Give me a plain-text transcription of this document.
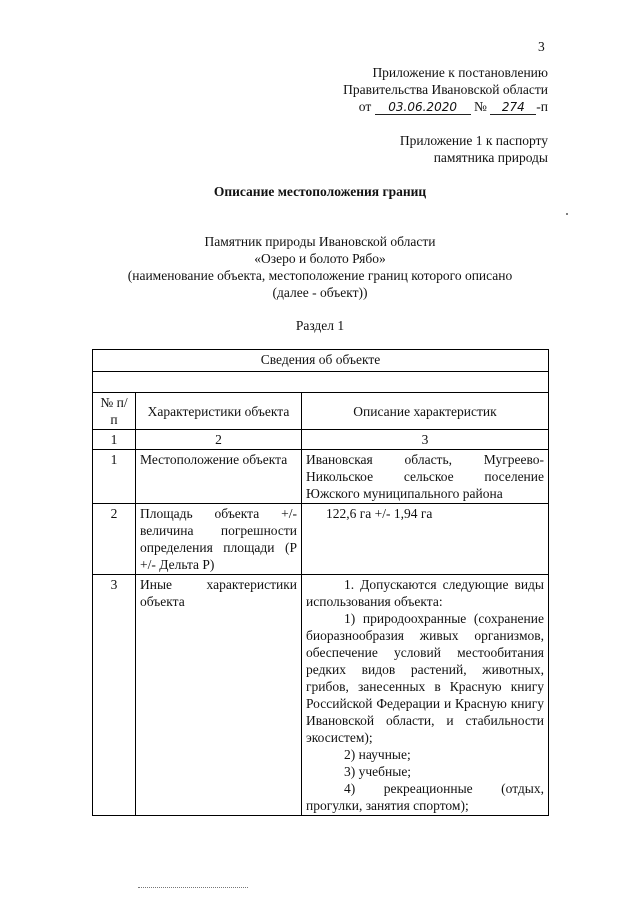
3
Приложение к постановлению
Правительства Ивановской области
от 03.06.2020 № 274 -п
Приложение 1 к паспорту
памятника природы
Описание местоположения границ
Памятник природы Ивановской области
«Озеро и болото Рябо»
(наименование объекта, местоположение границ которого описано
(далее - объект))
Раздел 1
Сведения об объекте		

№ п/п	Характеристики объекта	Описание характеристик
1	2	3
1	Местоположение объекта	Ивановская область, Мугреево-Никольское сельское поселение Южского муниципального района
2	Площадь объекта +/- величина погрешности определения площади (Р +/- Дельта Р)	122,6 га +/- 1,94 га
3	Иные характеристики объекта	1. Допускаются следующие виды использования объекта:
1) природоохранные (сохранение биоразнообразия живых организмов, обеспечение условий местообитания редких видов растений, животных, грибов, занесенных в Красную книгу Российской Федерации и Красную книгу Ивановской области, и стабильности экосистем);
2) научные;
3) учебные;
4) рекреационные (отдых, прогулки, занятия спортом);
